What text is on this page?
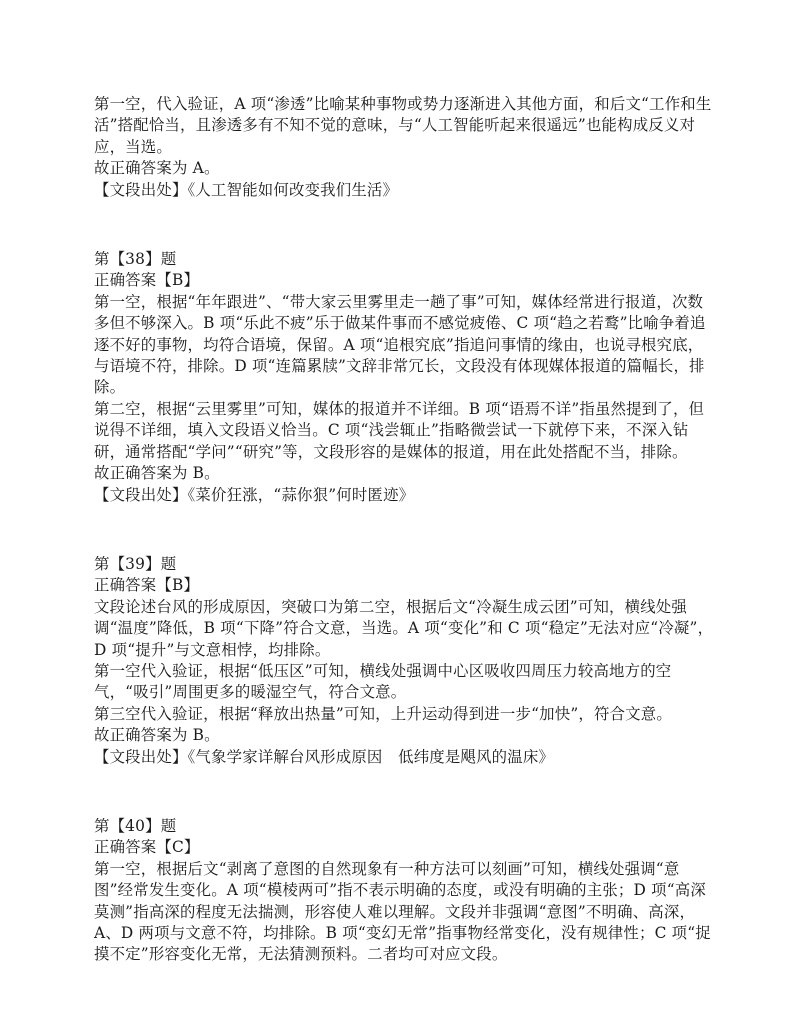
第一空，代入验证，A 项“渗透”比喻某种事物或势力逐渐进入其他方面，和后文“工作和生活”搭配恰当，且渗透多有不知不觉的意味，与“人工智能听起来很遥远”也能构成反义对应，当选。

故正确答案为 A。

【文段出处】《人工智能如何改变我们生活》

第【38】题

正确答案【B】

第一空，根据“年年跟进”、“带大家云里雾里走一趟了事”可知，媒体经常进行报道，次数多但不够深入。B 项“乐此不疲”乐于做某件事而不感觉疲倦、C 项“趋之若鹜”比喻争着追逐不好的事物，均符合语境，保留。A 项“追根究底”指追问事情的缘由，也说寻根究底，与语境不符，排除。D 项“连篇累牍”文辞非常冗长，文段没有体现媒体报道的篇幅长，排除。

第二空，根据“云里雾里”可知，媒体的报道并不详细。B 项“语焉不详”指虽然提到了，但说得不详细，填入文段语义恰当。C 项“浅尝辄止”指略微尝试一下就停下来，不深入钻研，通常搭配“学问”“研究”等，文段形容的是媒体的报道，用在此处搭配不当，排除。

故正确答案为 B。

【文段出处】《菜价狂涨，“蒜你狠”何时匿迹》

第【39】题

正确答案【B】

文段论述台风的形成原因，突破口为第二空，根据后文“冷凝生成云团”可知，横线处强调“温度”降低，B 项“下降”符合文意，当选。A 项“变化”和 C 项“稳定”无法对应“冷凝”，D 项“提升”与文意相悖，均排除。

第一空代入验证，根据“低压区”可知，横线处强调中心区吸收四周压力较高地方的空气，“吸引”周围更多的暖湿空气，符合文意。

第三空代入验证，根据“释放出热量”可知，上升运动得到进一步“加快”，符合文意。

故正确答案为 B。

【文段出处】《气象学家详解台风形成原因　低纬度是飓风的温床》

第【40】题

正确答案【C】

第一空，根据后文“剥离了意图的自然现象有一种方法可以刻画”可知，横线处强调“意图”经常发生变化。A 项“模棱两可”指不表示明确的态度，或没有明确的主张；D 项“高深莫测”指高深的程度无法揣测，形容使人难以理解。文段并非强调“意图”不明确、高深，A、D 两项与文意不符，均排除。B 项“变幻无常”指事物经常变化，没有规律性；C 项“捉摸不定”形容变化无常，无法猜测预料。二者均可对应文段。
